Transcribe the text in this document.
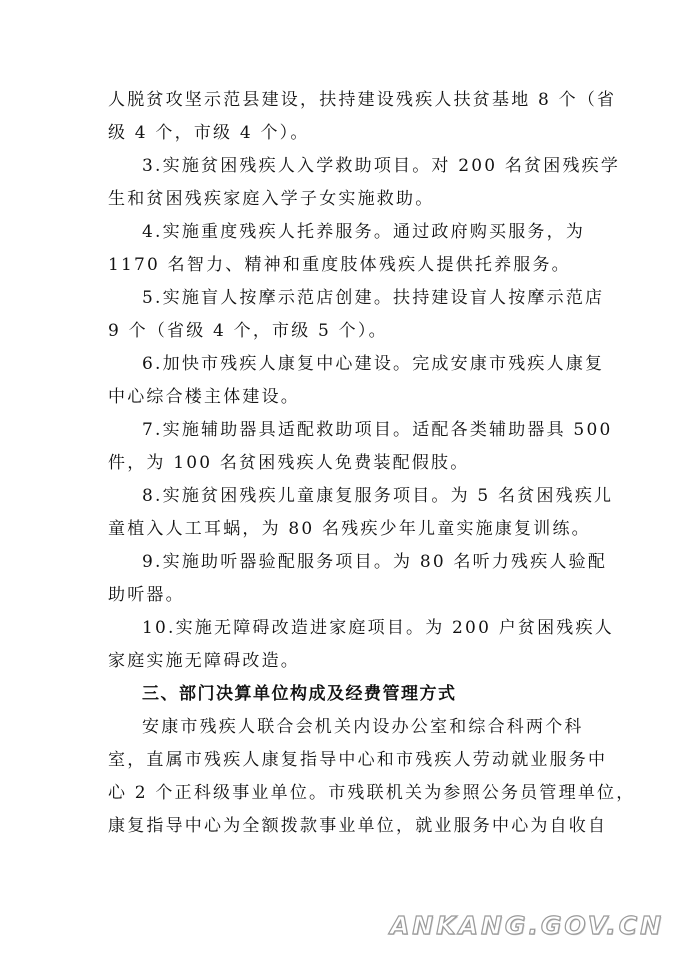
人脱贫攻坚示范县建设，扶持建设残疾人扶贫基地 8 个（省
级 4 个，市级 4 个）。
3.实施贫困残疾人入学救助项目。对 200 名贫困残疾学
生和贫困残疾家庭入学子女实施救助。
4.实施重度残疾人托养服务。通过政府购买服务，为
1170 名智力、精神和重度肢体残疾人提供托养服务。
5.实施盲人按摩示范店创建。扶持建设盲人按摩示范店
9 个（省级 4 个，市级 5 个）。
6.加快市残疾人康复中心建设。完成安康市残疾人康复
中心综合楼主体建设。
7.实施辅助器具适配救助项目。适配各类辅助器具 500
件，为 100 名贫困残疾人免费装配假肢。
8.实施贫困残疾儿童康复服务项目。为 5 名贫困残疾儿
童植入人工耳蜗，为 80 名残疾少年儿童实施康复训练。
9.实施助听器验配服务项目。为 80 名听力残疾人验配
助听器。
10.实施无障碍改造进家庭项目。为 200 户贫困残疾人
家庭实施无障碍改造。
三、部门决算单位构成及经费管理方式
安康市残疾人联合会机关内设办公室和综合科两个科
室，直属市残疾人康复指导中心和市残疾人劳动就业服务中
心 2 个正科级事业单位。市残联机关为参照公务员管理单位，
康复指导中心为全额拨款事业单位，就业服务中心为自收自
ANKANG.GOV.CN
